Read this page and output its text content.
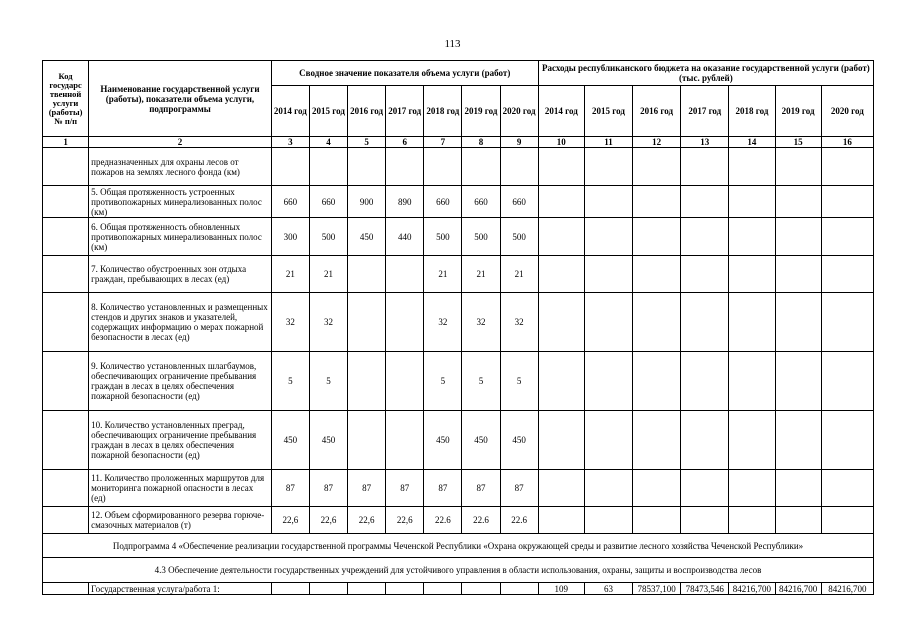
113
Код государс твенной услуги (работы) № п/п	Наименование государственной услуги (работы), показатели объема услуги, подпрограммы	Сводное значение показателя объема услуги (работ)							Расходы республиканского бюджета на оказание государственной услуги (работ) (тыс. рублей)						
		2014 год	2015 год	2016 год	2017 год	2018 год	2019 год	2020 год	2014 год	2015 год	2016 год	2017 год	2018 год	2019 год	2020 год
1	2	3	4	5	6	7	8	9	10	11	12	13	14	15	16
	предназначенных для охраны лесов от пожаров на землях лесного фонда (км)														
	5. Общая протяженность устроенных противопожарных минерализованных полос (км)	660	660	900	890	660	660	660							
	6. Общая протяженность обновленных противопожарных минерализованных полос (км)	300	500	450	440	500	500	500							
	7. Количество обустроенных зон отдыха граждан, пребывающих в лесах (ед)	21	21			21	21	21							
	8. Количество установленных и размещенных стендов и других знаков и указателей, содержащих информацию о мерах пожарной безопасности в лесах (ед)	32	32			32	32	32							
	9. Количество установленных шлагбаумов, обеспечивающих ограничение пребывания граждан в лесах в целях обеспечения пожарной безопасности (ед)	5	5			5	5	5							
	10. Количество установленных преград, обеспечивающих ограничение пребывания граждан в лесах в целях обеспечения пожарной безопасности (ед)	450	450			450	450	450							
	11. Количество проложенных маршрутов для мониторинга пожарной опасности в лесах (ед)	87	87	87	87	87	87	87							
	12. Объем сформированного резерва горюче-смазочных материалов (т)	22,6	22,6	22,6	22,6	22.6	22.6	22.6							
Подпрограмма 4 «Обеспечение реализации государственной программы Чеченской Республики «Охрана окружающей среды и развитие лесного хозяйства Чеченской Республики»															
4.3 Обеспечение деятельности государственных учреждений для устойчивого управления в области использования, охраны, защиты и воспроизводства лесов															
	Государственная услуга/работа 1:								109	63	78537,100	78473,546	84216,700	84216,700	84216,700
